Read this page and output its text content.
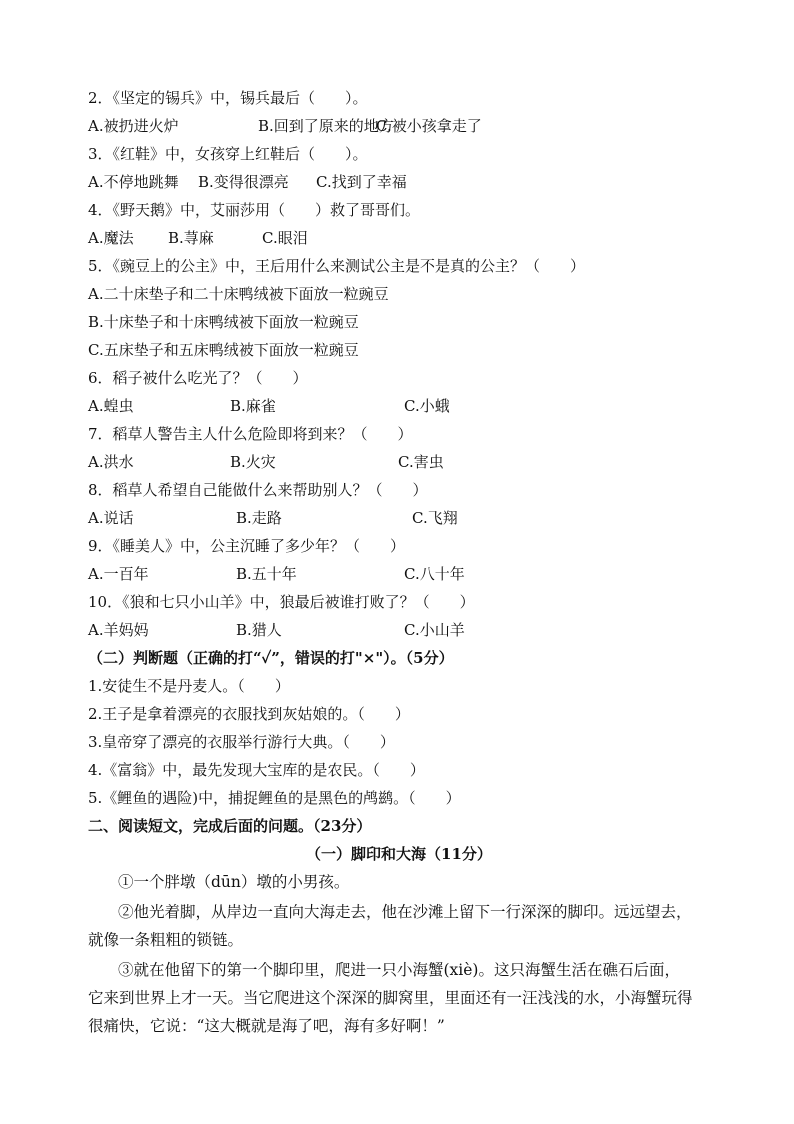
2．《坚定的锡兵》中，锡兵最后（　　）。
A.被扔进火炉	B.回到了原来的地方
C.被小孩拿走了
3．《红鞋》中，女孩穿上红鞋后（　　）。
A.不停地跳舞 B.变得很漂亮 C.找到了幸福
4．《野天鹅》中，艾丽莎用（　　）救了哥哥们。
A.魔法 B.荨麻	C.眼泪
5．《豌豆上的公主》中，王后用什么来测试公主是不是真的公主？（　　）
A.二十床垫子和二十床鸭绒被下面放一粒豌豆
B.十床垫子和十床鸭绒被下面放一粒豌豆
C.五床垫子和五床鸭绒被下面放一粒豌豆
6．稻子被什么吃光了？（　　）
A.蝗虫	B.麻雀	C.小蛾
7．稻草人警告主人什么危险即将到来？（　　）
A.洪水	B.火灾	C.害虫
8．稻草人希望自己能做什么来帮助别人？（　　）
A.说话	B.走路	C.飞翔
9．《睡美人》中，公主沉睡了多少年？（　　）
A.一百年	B.五十年	C.八十年
10．《狼和七只小山羊》中，狼最后被谁打败了？（　　）
A.羊妈妈	B.猎人	C.小山羊
（二）判断题（正确的打“✓”，错误的打"×"）。（5分）
1.安徒生不是丹麦人。（　　）
2.王子是拿着漂亮的衣服找到灰姑娘的。（　　）
3.皇帝穿了漂亮的衣服举行游行大典。（　　）
4.《富翁》中，最先发现大宝库的是农民。（　　）
5.《鲤鱼的遇险)中，捕捉鲤鱼的是黑色的鸬鹚。（　　）
二、阅读短文，完成后面的问题。（23分）
（一）脚印和大海（11分）
①一个胖墩（dūn）墩的小男孩。
②他光着脚，从岸边一直向大海走去，他在沙滩上留下一行深深的脚印。远远望去，
就像一条粗粗的锁链。
③就在他留下的第一个脚印里，爬进一只小海蟹(xiè)。这只海蟹生活在礁石后面，
它来到世界上才一天。当它爬进这个深深的脚窝里，里面还有一汪浅浅的水，小海蟹玩得
很痛快，它说：“这大概就是海了吧，海有多好啊！”
